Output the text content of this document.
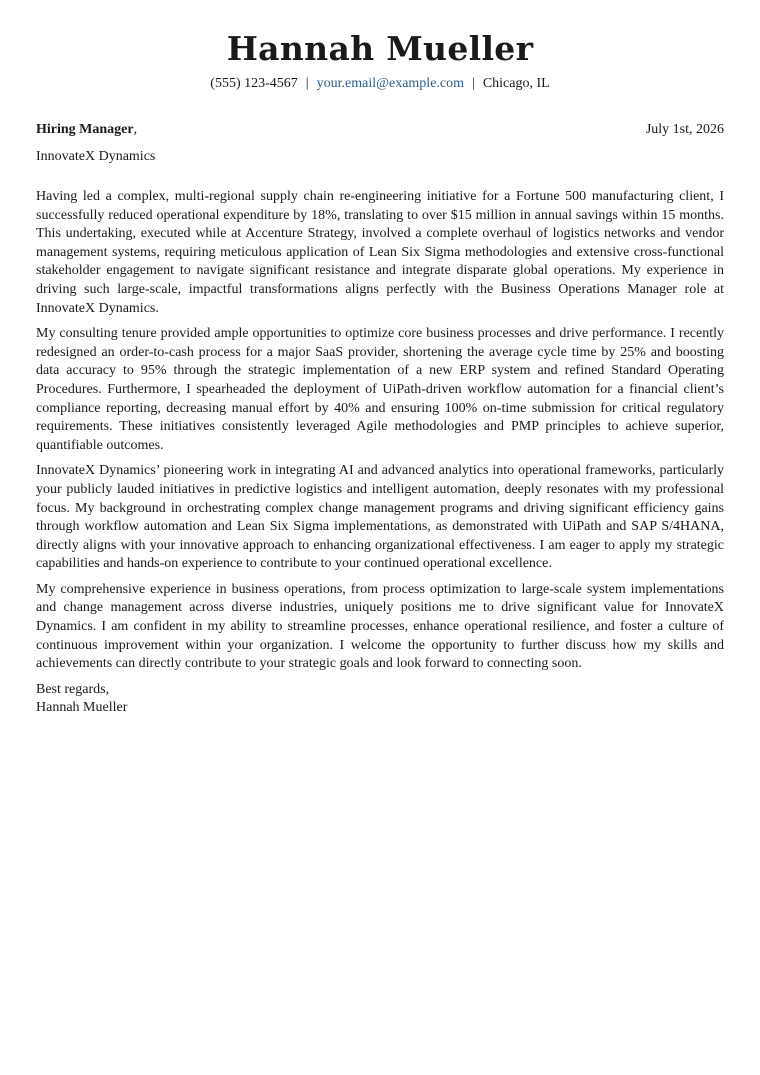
Hannah Mueller
(555) 123-4567 | your.email@example.com | Chicago, IL
Hiring Manager,	July 1st, 2026
InnovateX Dynamics

Having led a complex, multi-regional supply chain re-engineering initiative for a Fortune 500 manufacturing client, I successfully reduced operational expenditure by 18%, translating to over $15 million in annual savings within 15 months. This undertaking, executed while at Accenture Strategy, involved a complete overhaul of logistics networks and vendor management systems, requiring meticulous application of Lean Six Sigma methodologies and extensive cross-functional stakeholder engagement to navigate significant resistance and integrate disparate global operations. My experience in driving such large-scale, impactful transformations aligns perfectly with the Business Operations Manager role at InnovateX Dynamics.

My consulting tenure provided ample opportunities to optimize core business processes and drive performance. I recently redesigned an order-to-cash process for a major SaaS provider, shortening the average cycle time by 25% and boosting data accuracy to 95% through the strategic implementation of a new ERP system and refined Standard Operating Procedures. Furthermore, I spearheaded the deployment of UiPath-driven workflow automation for a financial client’s compliance reporting, decreasing manual effort by 40% and ensuring 100% on-time submission for critical regulatory requirements. These initiatives consistently leveraged Agile methodologies and PMP principles to achieve superior, quantifiable outcomes.

InnovateX Dynamics’ pioneering work in integrating AI and advanced analytics into operational frameworks, particularly your publicly lauded initiatives in predictive logistics and intelligent automation, deeply resonates with my professional focus. My background in orchestrating complex change management programs and driving significant efficiency gains through workflow automation and Lean Six Sigma implementations, as demonstrated with UiPath and SAP S/4HANA, directly aligns with your innovative approach to enhancing organizational effectiveness. I am eager to apply my strategic capabilities and hands-on experience to contribute to your continued operational excellence.

My comprehensive experience in business operations, from process optimization to large-scale system implementations and change management across diverse industries, uniquely positions me to drive significant value for InnovateX Dynamics. I am confident in my ability to streamline processes, enhance operational resilience, and foster a culture of continuous improvement within your organization. I welcome the opportunity to further discuss how my skills and achievements can directly contribute to your strategic goals and look forward to connecting soon.

Best regards,
Hannah Mueller
